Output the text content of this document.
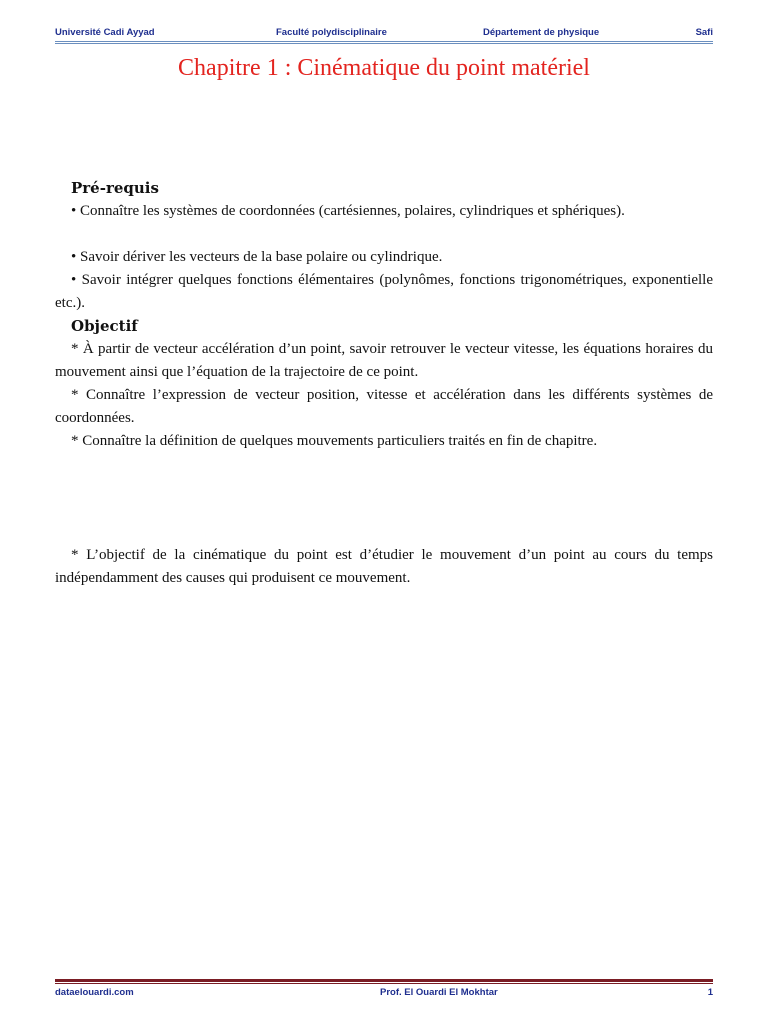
Université Cadi Ayyad	Faculté polydisciplinaire	Département de physique	Safi
Chapitre 1 : Cinématique du point matériel
Pré-requis
• Connaître les systèmes de coordonnées (cartésiennes, polaires, cylindriques et sphériques).
• Savoir dériver les vecteurs de la base polaire ou cylindrique.
• Savoir intégrer quelques fonctions élémentaires (polynômes, fonctions trigonométriques, exponentielle etc.).
Objectif
* À partir de vecteur accélération d’un point, savoir retrouver le vecteur vitesse, les équations horaires du mouvement ainsi que l’équation de la trajectoire de ce point.
* Connaître l’expression de vecteur position, vitesse et accélération dans les différents systèmes de coordonnées.
* Connaître la définition de quelques mouvements particuliers traités en fin de chapitre.
* L’objectif de la cinématique du point est d’étudier le mouvement d’un point au cours du temps indépendamment des causes qui produisent ce mouvement.
dataelouardi.com	Prof. El Ouardi El Mokhtar	1
